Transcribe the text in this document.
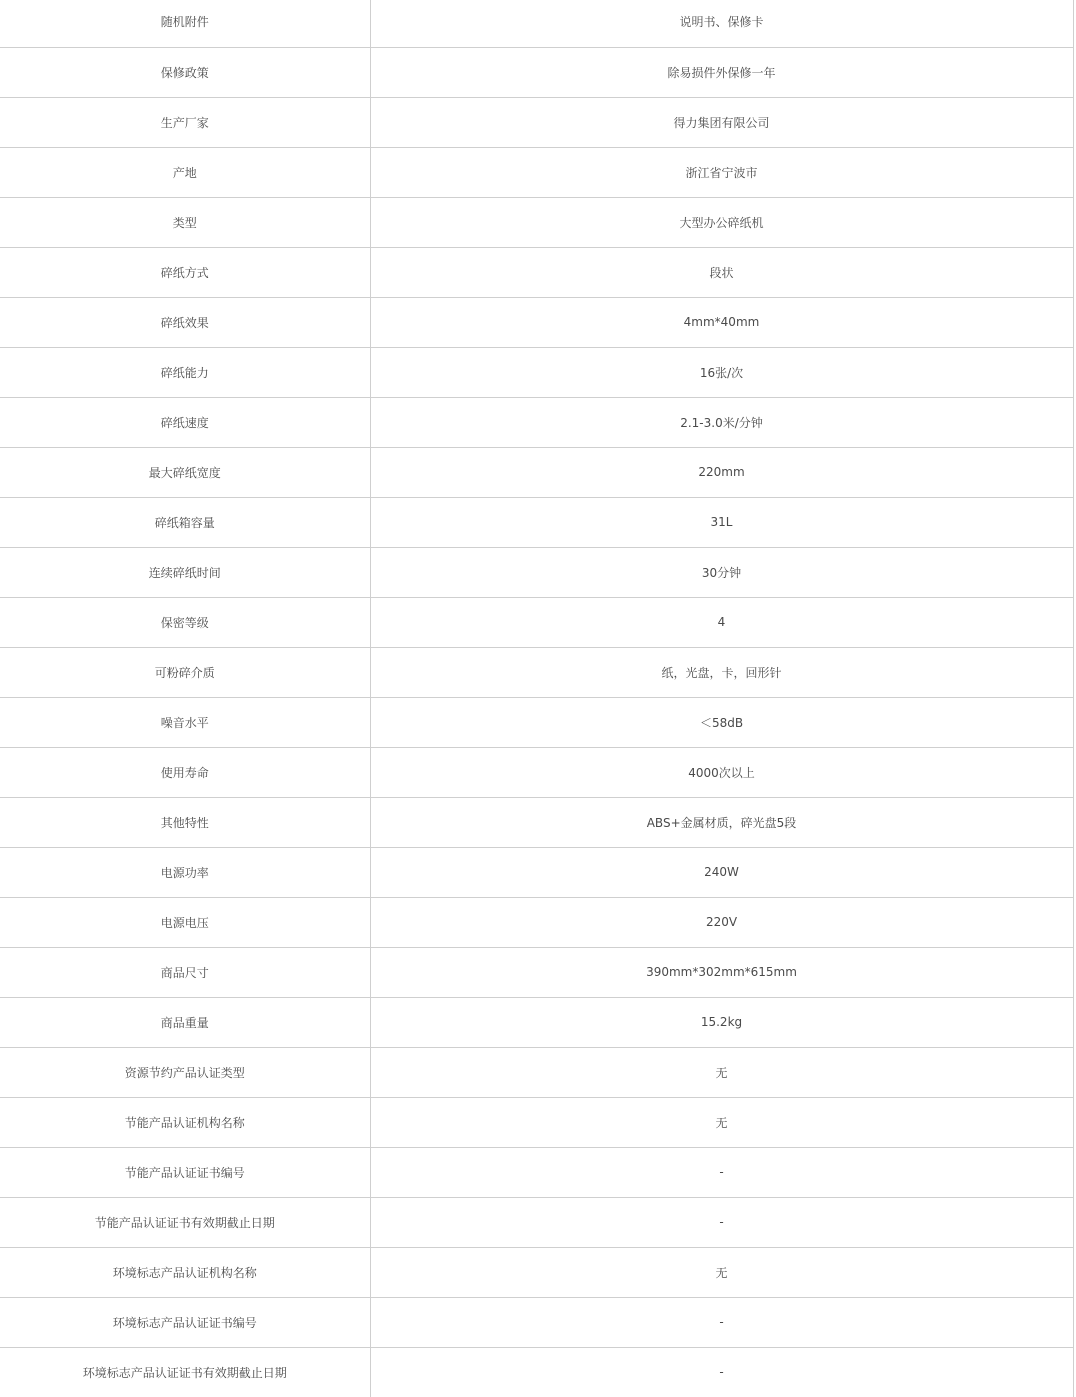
随机附件	说明书、保修卡
保修政策	除易损件外保修一年
生产厂家	得力集团有限公司
产地	浙江省宁波市
类型	大型办公碎纸机
碎纸方式	段状
碎纸效果	4mm*40mm
碎纸能力	16张/次
碎纸速度	2.1-3.0米/分钟
最大碎纸宽度	220mm
碎纸箱容量	31L
连续碎纸时间	30分钟
保密等级	4
可粉碎介质	纸，光盘，卡，回形针
噪音水平	＜58dB
使用寿命	4000次以上
其他特性	ABS+金属材质，碎光盘5段
电源功率	240W
电源电压	220V
商品尺寸	390mm*302mm*615mm
商品重量	15.2kg
资源节约产品认证类型	无
节能产品认证机构名称	无
节能产品认证证书编号	-
节能产品认证证书有效期截止日期	-
环境标志产品认证机构名称	无
环境标志产品认证证书编号	-
环境标志产品认证证书有效期截止日期	-
